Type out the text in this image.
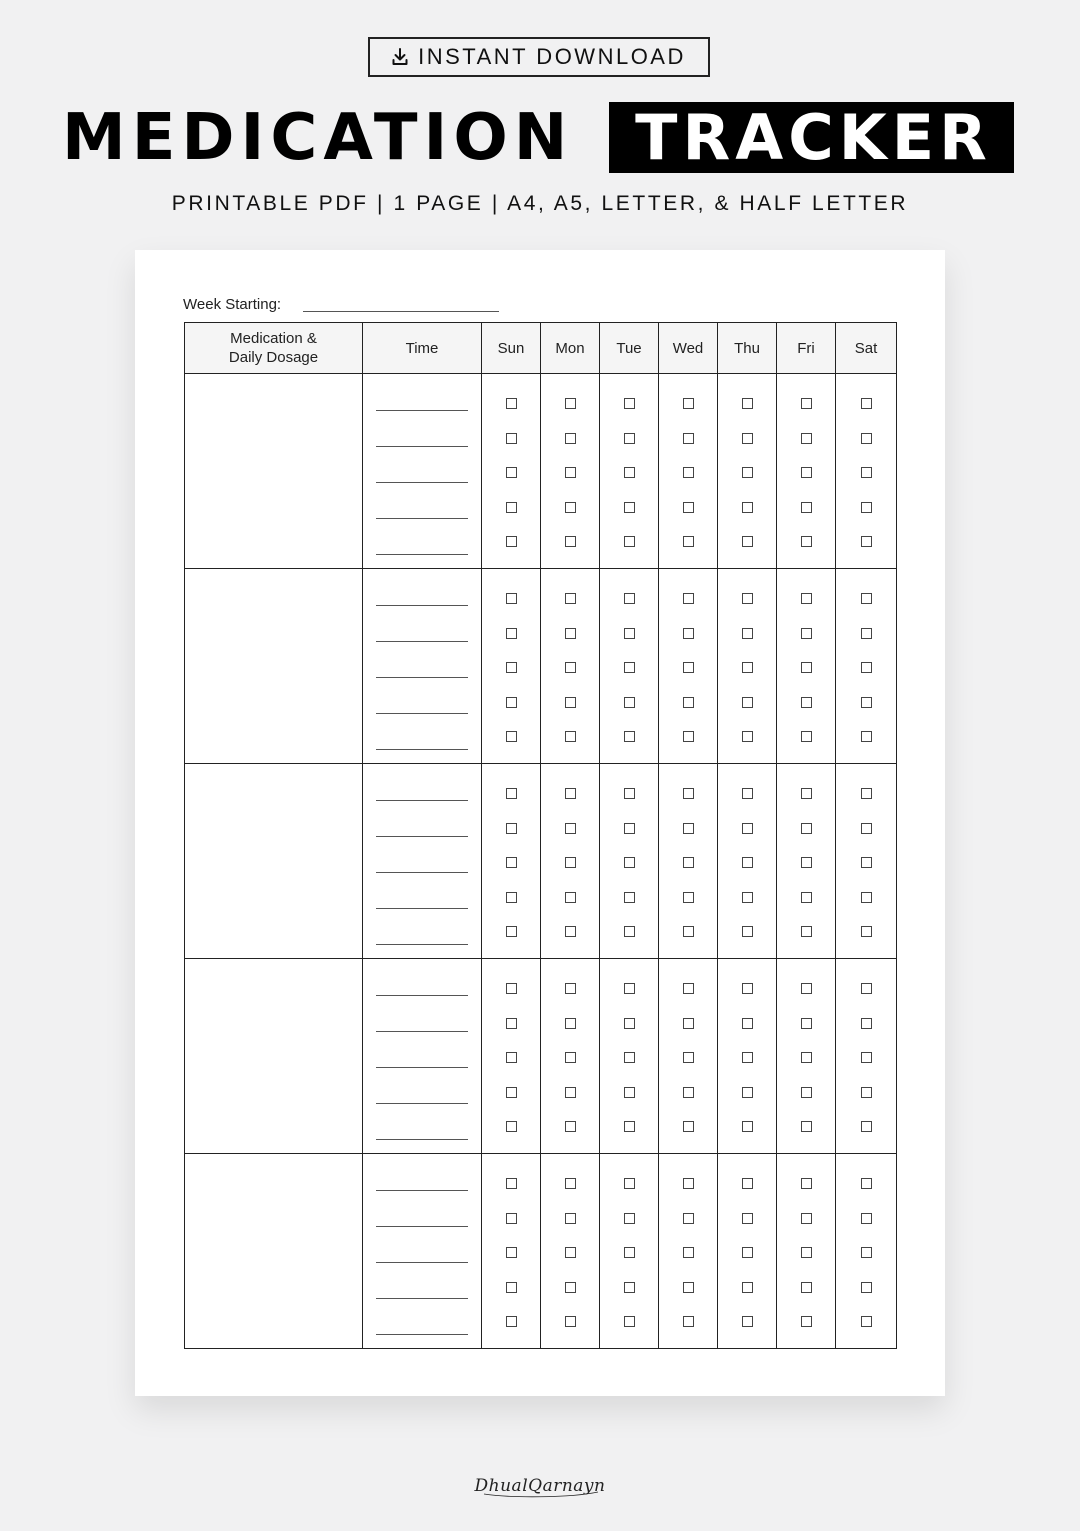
INSTANT DOWNLOAD
MEDICATION TRACKER
PRINTABLE PDF | 1 PAGE | A4, A5, LETTER, & HALF LETTER
Week Starting:
Medication & Daily Dosage	Time	Sun	Mon	Tue	Wed	Thu	Fri	Sat

DhualQarnayn
